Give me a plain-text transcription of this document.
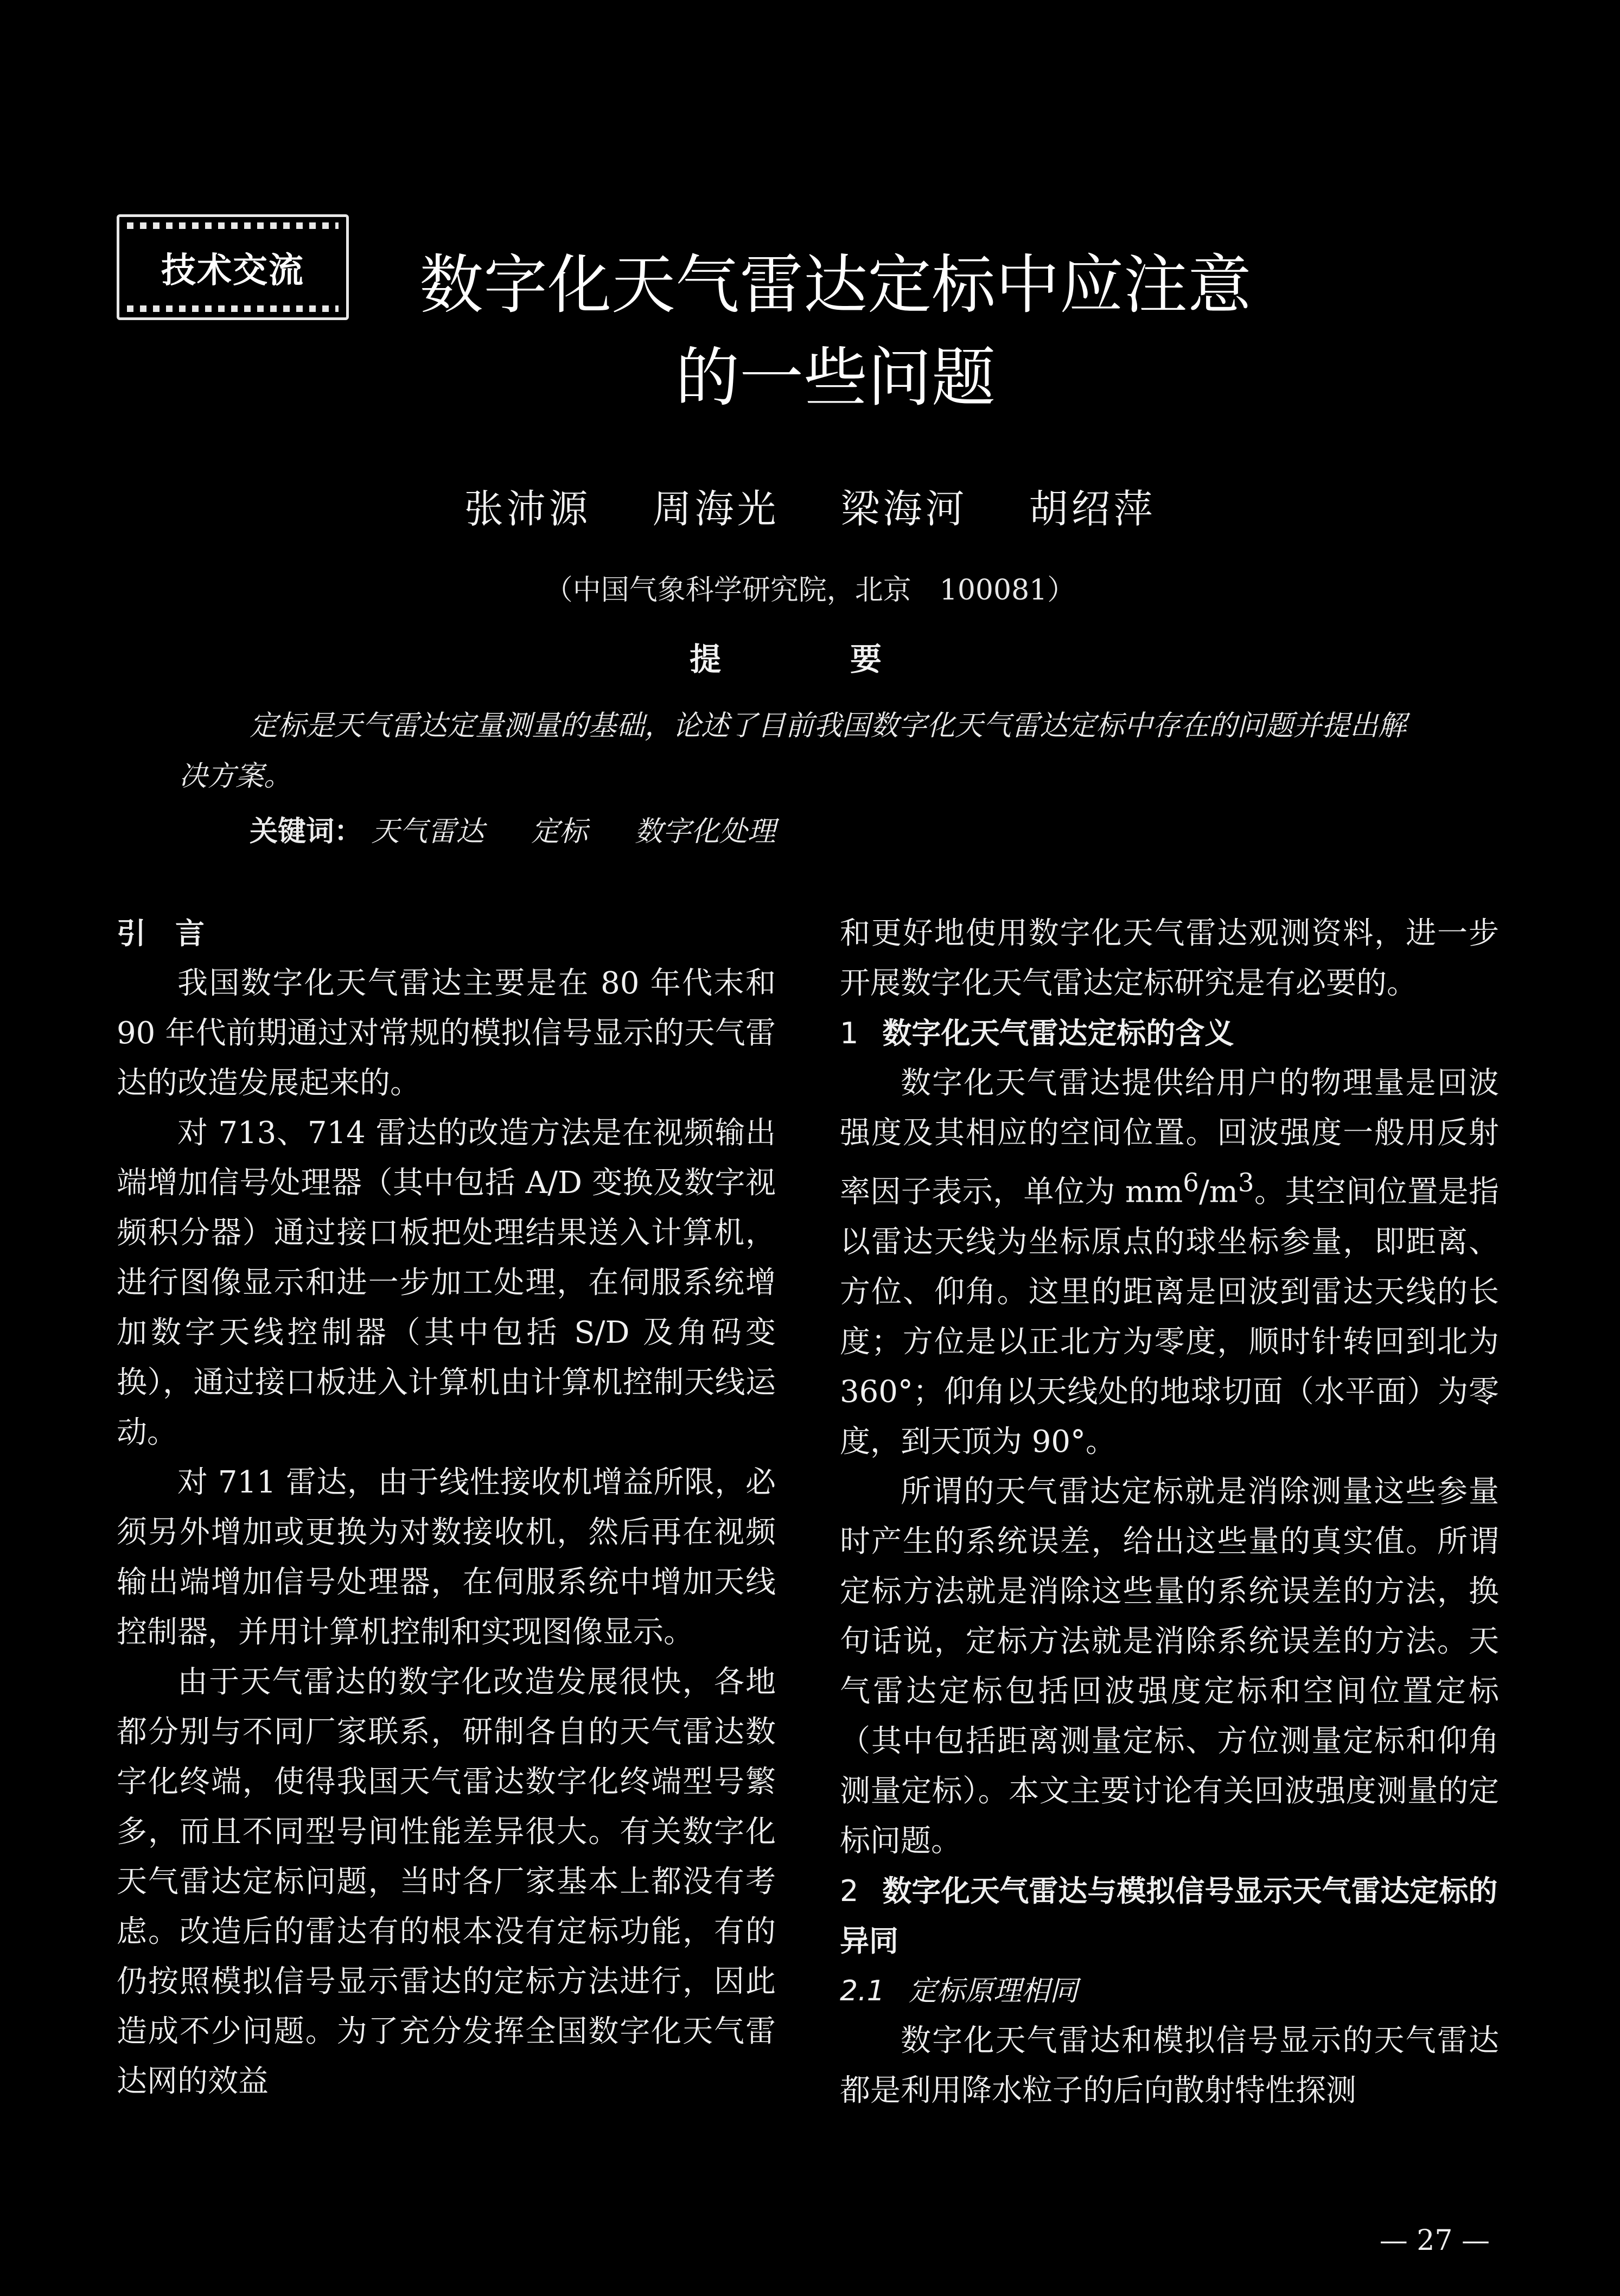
技术交流	数字化天气雷达定标中应注意
的一些问题
张沛源 周海光 梁海河 胡绍萍
（中国气象科学研究院，北京　100081）
提　要
定标是天气雷达定量测量的基础，论述了目前我国数字化天气雷达定标中存在的问题并提出解决方案。
关键词： 天气雷达 定标 数字化处理
引　言
我国数字化天气雷达主要是在 80 年代末和 90 年代前期通过对常规的模拟信号显示的天气雷达的改造发展起来的。
对 713、714 雷达的改造方法是在视频输出端增加信号处理器（其中包括 A/D 变换及数字视频积分器）通过接口板把处理结果送入计算机，进行图像显示和进一步加工处理，在伺服系统增加数字天线控制器（其中包括 S/D 及角码变换），通过接口板进入计算机由计算机控制天线运动。
对 711 雷达，由于线性接收机增益所限，必须另外增加或更换为对数接收机，然后再在视频输出端增加信号处理器，在伺服系统中增加天线控制器，并用计算机控制和实现图像显示。
由于天气雷达的数字化改造发展很快，各地都分别与不同厂家联系，研制各自的天气雷达数字化终端，使得我国天气雷达数字化终端型号繁多，而且不同型号间性能差异很大。有关数字化天气雷达定标问题，当时各厂家基本上都没有考虑。改造后的雷达有的根本没有定标功能，有的仍按照模拟信号显示雷达的定标方法进行，因此造成不少问题。为了充分发挥全国数字化天气雷达网的效益
和更好地使用数字化天气雷达观测资料，进一步开展数字化天气雷达定标研究是有必要的。
1 数字化天气雷达定标的含义
数字化天气雷达提供给用户的物理量是回波强度及其相应的空间位置。回波强度一般用反射率因子表示，单位为 $mm^6/m^3$。其空间位置是指以雷达天线为坐标原点的球坐标参量，即距离、方位、仰角。这里的距离是回波到雷达天线的长度；方位是以正北方为零度，顺时针转回到北为 360°；仰角以天线处的地球切面（水平面）为零度，到天顶为 90°。
所谓的天气雷达定标就是消除测量这些参量时产生的系统误差，给出这些量的真实值。所谓定标方法就是消除这些量的系统误差的方法，换句话说，定标方法就是消除系统误差的方法。天气雷达定标包括回波强度定标和空间位置定标（其中包括距离测量定标、方位测量定标和仰角测量定标）。本文主要讨论有关回波强度测量的定标问题。
2 数字化天气雷达与模拟信号显示天气雷达定标的异同
2.1 定标原理相同
数字化天气雷达和模拟信号显示的天气雷达都是利用降水粒子的后向散射特性探测
— 27 —
